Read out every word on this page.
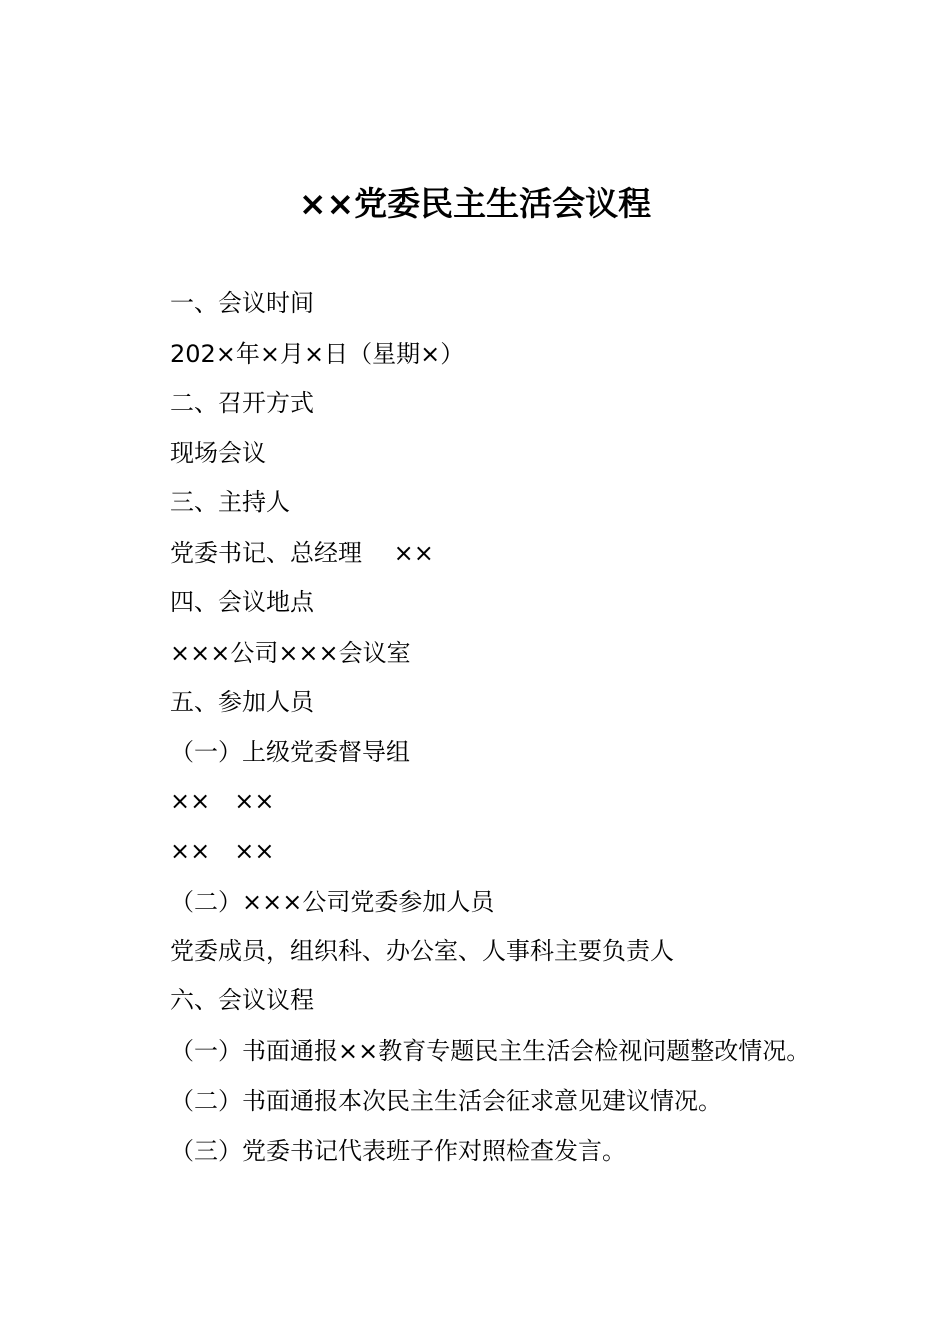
××党委民主生活会议程
一、会议时间
202×年×月×日（星期×）
二、召开方式
现场会议
三、主持人
党委书记、总经理　 ××
四、会议地点
×××公司×××会议室
五、参加人员
（一）上级党委督导组
××　××
××　××
（二）×××公司党委参加人员
党委成员，组织科、办公室、人事科主要负责人
六、会议议程
（一）书面通报××教育专题民主生活会检视问题整改情况。
（二）书面通报本次民主生活会征求意见建议情况。
（三）党委书记代表班子作对照检查发言。
